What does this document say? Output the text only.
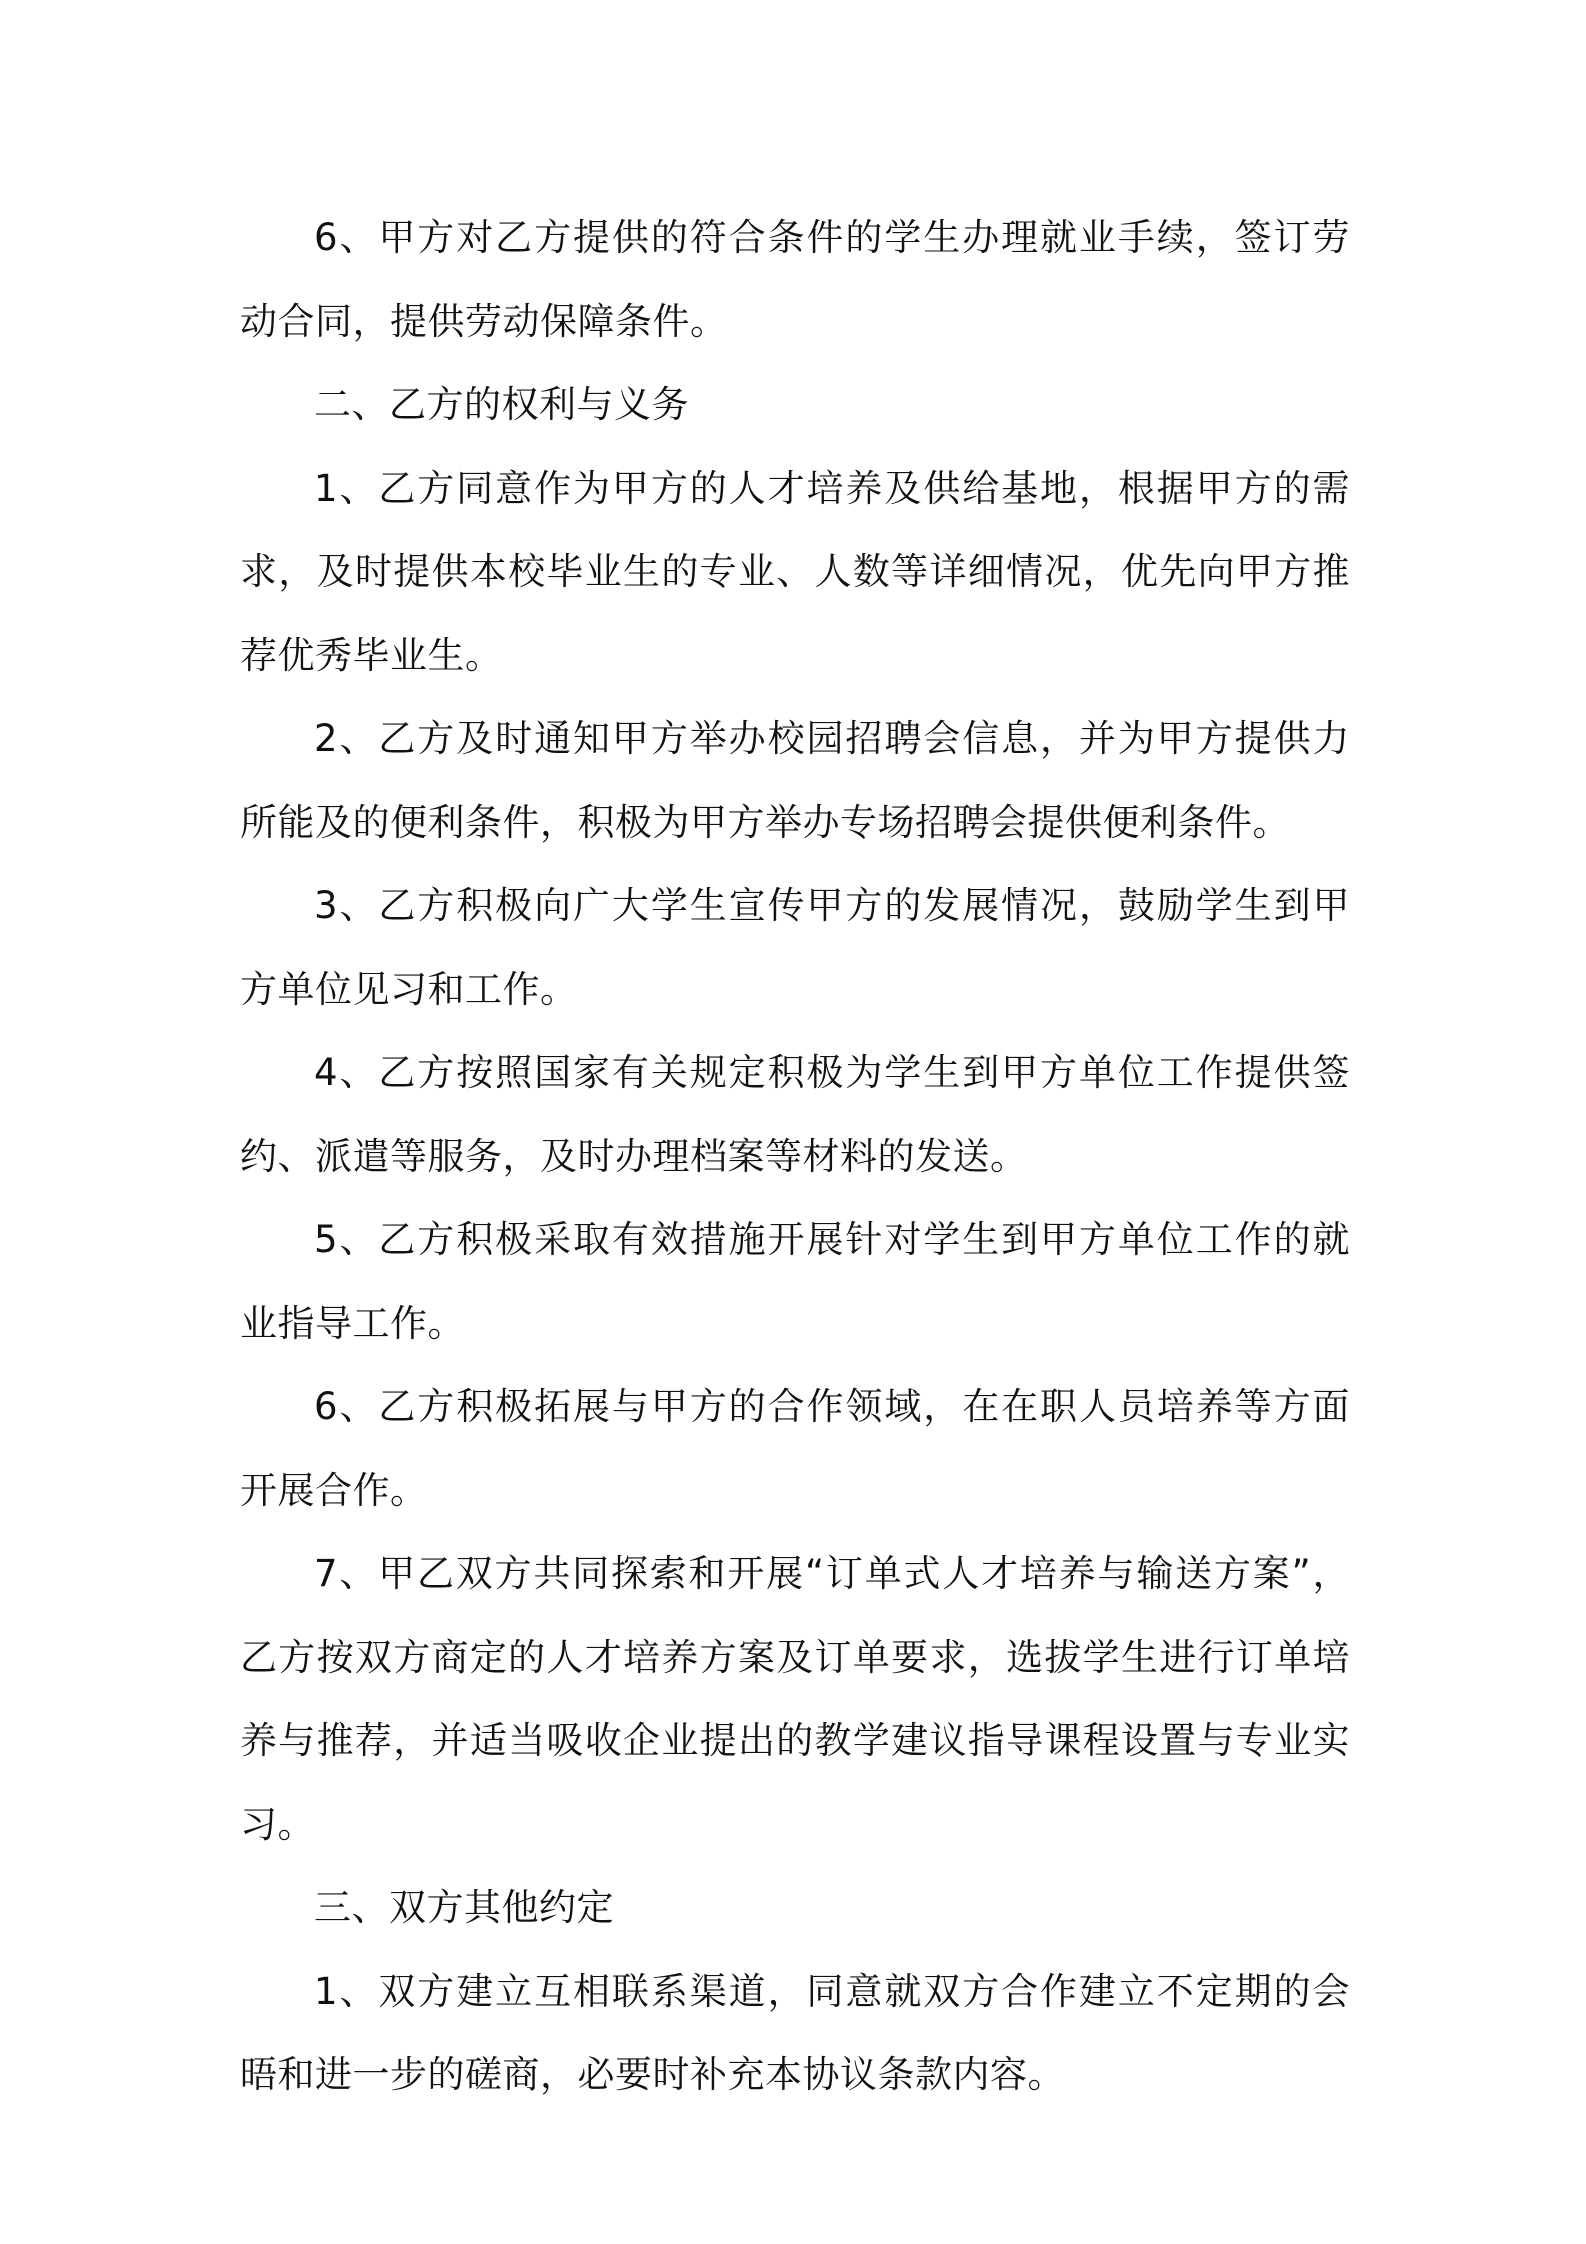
6、甲方对乙方提供的符合条件的学生办理就业手续，签订劳动合同，提供劳动保障条件。

二、乙方的权利与义务

1、乙方同意作为甲方的人才培养及供给基地，根据甲方的需求，及时提供本校毕业生的专业、人数等详细情况，优先向甲方推荐优秀毕业生。

2、乙方及时通知甲方举办校园招聘会信息，并为甲方提供力所能及的便利条件，积极为甲方举办专场招聘会提供便利条件。

3、乙方积极向广大学生宣传甲方的发展情况，鼓励学生到甲方单位见习和工作。

4、乙方按照国家有关规定积极为学生到甲方单位工作提供签约、派遣等服务，及时办理档案等材料的发送。

5、乙方积极采取有效措施开展针对学生到甲方单位工作的就业指导工作。

6、乙方积极拓展与甲方的合作领域，在在职人员培养等方面开展合作。

7、甲乙双方共同探索和开展“订单式人才培养与输送方案”，乙方按双方商定的人才培养方案及订单要求，选拔学生进行订单培养与推荐，并适当吸收企业提出的教学建议指导课程设置与专业实习。

三、双方其他约定

1、双方建立互相联系渠道，同意就双方合作建立不定期的会晤和进一步的磋商，必要时补充本协议条款内容。
